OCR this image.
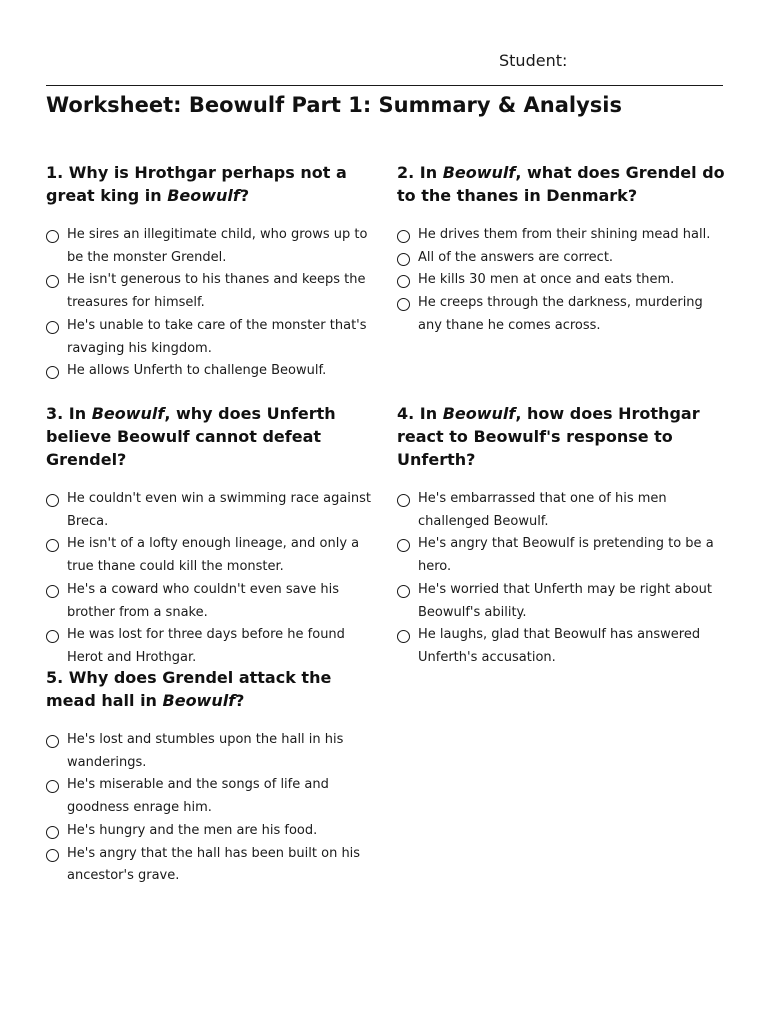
Student:
Worksheet: Beowulf Part 1: Summary & Analysis

1. Why is Hrothgar perhaps not a great king in Beowulf?

He sires an illegitimate child, who grows up to be the monster Grendel.
He isn't generous to his thanes and keeps the treasures for himself.
He's unable to take care of the monster that's ravaging his kingdom.
He allows Unferth to challenge Beowulf.

2. In Beowulf, what does Grendel do to the thanes in Denmark?

He drives them from their shining mead hall.
All of the answers are correct.
He kills 30 men at once and eats them.
He creeps through the darkness, murdering any thane he comes across.

3. In Beowulf, why does Unferth believe Beowulf cannot defeat Grendel?

He couldn't even win a swimming race against Breca.
He isn't of a lofty enough lineage, and only a true thane could kill the monster.
He's a coward who couldn't even save his brother from a snake.
He was lost for three days before he found Herot and Hrothgar.

4. In Beowulf, how does Hrothgar react to Beowulf's response to Unferth?

He's embarrassed that one of his men challenged Beowulf.
He's angry that Beowulf is pretending to be a hero.
He's worried that Unferth may be right about Beowulf's ability.
He laughs, glad that Beowulf has answered Unferth's accusation.

5. Why does Grendel attack the mead hall in Beowulf?

He's lost and stumbles upon the hall in his wanderings.
He's miserable and the songs of life and goodness enrage him.
He's hungry and the men are his food.
He's angry that the hall has been built on his ancestor's grave.
